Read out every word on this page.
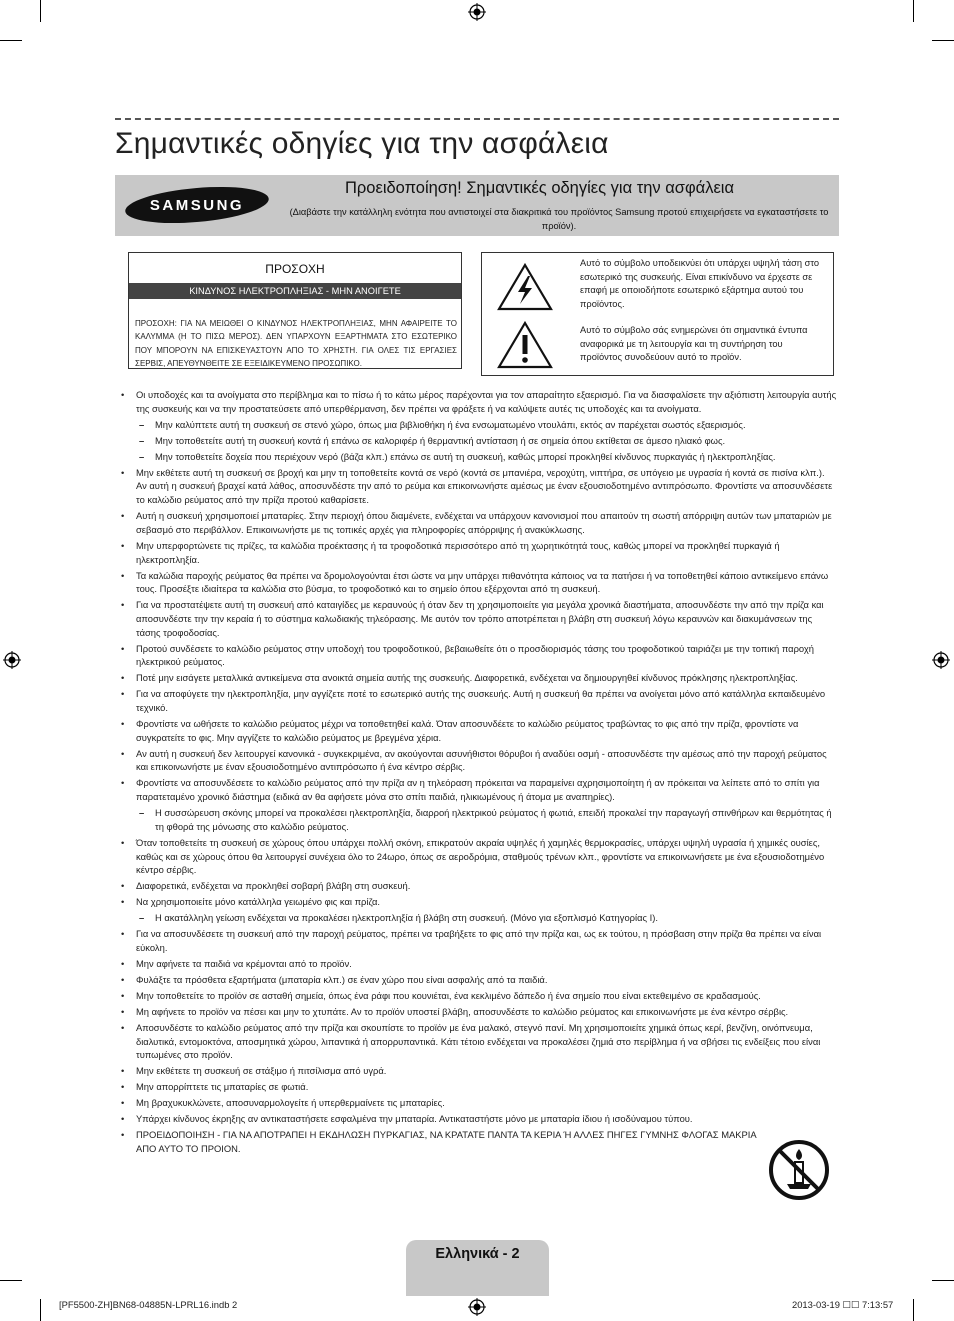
Σημαντικές οδηγίες για την ασφάλεια
SAMSUNG
Προειδοποίηση! Σημαντικές οδηγίες για την ασφάλεια
(Διαβάστε την κατάλληλη ενότητα που αντιστοιχεί στα διακριτικά του προϊόντος Samsung προτού επιχειρήσετε να εγκαταστήσετε το προϊόν).
ΠΡΟΣΟΧΗ
ΚΙΝΔΥΝΟΣ ΗΛΕΚΤΡΟΠΛΗΞΙΑΣ - ΜΗΝ ΑΝΟΙΓΕΤΕ
ΠΡΟΣΟΧΗ: ΓΙΑ ΝΑ ΜΕΙΩΘΕΙ Ο ΚΙΝΔΥΝΟΣ ΗΛΕΚΤΡΟΠΛΗΞΙΑΣ, ΜΗΝ ΑΦΑΙΡΕΙΤΕ ΤΟ ΚΑΛΥΜΜΑ (Η ΤΟ ΠΙΣΩ ΜΕΡΟΣ). ΔΕΝ ΥΠΑΡΧΟΥΝ ΕΞΑΡΤΗΜΑΤΑ ΣΤΟ ΕΣΩΤΕΡΙΚΟ ΠΟΥ ΜΠΟΡΟΥΝ ΝΑ ΕΠΙΣΚΕΥΑΣΤΟΥΝ ΑΠΟ ΤΟ ΧΡΗΣΤΗ. ΓΙΑ ΟΛΕΣ ΤΙΣ ΕΡΓΑΣΙΕΣ ΣΕΡΒΙΣ, ΑΠΕΥΘΥΝΘΕΙΤΕ ΣΕ ΕΞΕΙΔΙΚΕΥΜΕΝΟ ΠΡΟΣΩΠΙΚΟ.
Αυτό το σύμβολο υποδεικνύει ότι υπάρχει υψηλή τάση στο εσωτερικό της συσκευής. Είναι επικίνδυνο να έρχεστε σε επαφή με οποιοδήποτε εσωτερικό εξάρτημα αυτού του προϊόντος.
Αυτό το σύμβολο σάς ενημερώνει ότι σημαντικά έντυπα αναφορικά με τη λειτουργία και τη συντήρηση του προϊόντος συνοδεύουν αυτό το προϊόν.
• Οι υποδοχές και τα ανοίγματα στο περίβλημα και το πίσω ή το κάτω μέρος παρέχονται για τον απαραίτητο εξαερισμό. Για να διασφαλίσετε την αξιόπιστη λειτουργία αυτής της συσκευής και να την προστατεύσετε από υπερθέρμανση, δεν πρέπει να φράξετε ή να καλύψετε αυτές τις υποδοχές και τα ανοίγματα.
– Μην καλύπτετε αυτή τη συσκευή σε στενό χώρο, όπως μια βιβλιοθήκη ή ένα ενσωματωμένο ντουλάπι, εκτός αν παρέχεται σωστός εξαερισμός.
– Μην τοποθετείτε αυτή τη συσκευή κοντά ή επάνω σε καλοριφέρ ή θερμαντική αντίσταση ή σε σημεία όπου εκτίθεται σε άμεσο ηλιακό φως.
– Μην τοποθετείτε δοχεία που περιέχουν νερό (βάζα κλπ.) επάνω σε αυτή τη συσκευή, καθώς μπορεί προκληθεί κίνδυνος πυρκαγιάς ή ηλεκτροπληξίας.
• Μην εκθέτετε αυτή τη συσκευή σε βροχή και μην τη τοποθετείτε κοντά σε νερό (κοντά σε μπανιέρα, νεροχύτη, νιπτήρα, σε υπόγειο με υγρασία ή κοντά σε πισίνα κλπ.). Αν αυτή η συσκευή βραχεί κατά λάθος, αποσυνδέστε την από το ρεύμα και επικοινωνήστε αμέσως με έναν εξουσιοδοτημένο αντιπρόσωπο. Φροντίστε να αποσυνδέσετε το καλώδιο ρεύματος από την πρίζα προτού καθαρίσετε.
• Αυτή η συσκευή χρησιμοποιεί μπαταρίες. Στην περιοχή όπου διαμένετε, ενδέχεται να υπάρχουν κανονισμοί που απαιτούν τη σωστή απόρριψη αυτών των μπαταριών με σεβασμό στο περιβάλλον. Επικοινωνήστε με τις τοπικές αρχές για πληροφορίες απόρριψης ή ανακύκλωσης.
• Μην υπερφορτώνετε τις πρίζες, τα καλώδια προέκτασης ή τα τροφοδοτικά περισσότερο από τη χωρητικότητά τους, καθώς μπορεί να προκληθεί πυρκαγιά ή ηλεκτροπληξία.
• Τα καλώδια παροχής ρεύματος θα πρέπει να δρομολογούνται έτσι ώστε να μην υπάρχει πιθανότητα κάποιος να τα πατήσει ή να τοποθετηθεί κάποιο αντικείμενο επάνω τους. Προσέξτε ιδιαίτερα τα καλώδια στο βύσμα, το τροφοδοτικό και το σημείο όπου εξέρχονται από τη συσκευή.
• Για να προστατέψετε αυτή τη συσκευή από καταιγίδες με κεραυνούς ή όταν δεν τη χρησιμοποιείτε για μεγάλα χρονικά διαστήματα, αποσυνδέστε την από την πρίζα και αποσυνδέστε την την κεραία ή το σύστημα καλωδιακής τηλεόρασης. Με αυτόν τον τρόπο αποτρέπεται η βλάβη στη συσκευή λόγω κεραυνών και διακυμάνσεων της τάσης τροφοδοσίας.
• Προτού συνδέσετε το καλώδιο ρεύματος στην υποδοχή του τροφοδοτικού, βεβαιωθείτε ότι ο προσδιορισμός τάσης του τροφοδοτικού ταιριάζει με την τοπική παροχή ηλεκτρικού ρεύματος.
• Ποτέ μην εισάγετε μεταλλικά αντικείμενα στα ανοικτά σημεία αυτής της συσκευής. Διαφορετικά, ενδέχεται να δημιουργηθεί κίνδυνος πρόκλησης ηλεκτροπληξίας.
• Για να αποφύγετε την ηλεκτροπληξία, μην αγγίζετε ποτέ το εσωτερικό αυτής της συσκευής. Αυτή η συσκευή θα πρέπει να ανοίγεται μόνο από κατάλληλα εκπαιδευμένο τεχνικό.
• Φροντίστε να ωθήσετε το καλώδιο ρεύματος μέχρι να τοποθετηθεί καλά. Όταν αποσυνδέετε το καλώδιο ρεύματος τραβώντας το φις από την πρίζα, φροντίστε να συγκρατείτε το φις. Μην αγγίζετε το καλώδιο ρεύματος με βρεγμένα χέρια.
• Αν αυτή η συσκευή δεν λειτουργεί κανονικά - συγκεκριμένα, αν ακούγονται ασυνήθιστοι θόρυβοι ή αναδύει οσμή - αποσυνδέστε την αμέσως από την παροχή ρεύματος και επικοινωνήστε με έναν εξουσιοδοτημένο αντιπρόσωπο ή ένα κέντρο σέρβις.
• Φροντίστε να αποσυνδέσετε το καλώδιο ρεύματος από την πρίζα αν η τηλεόραση πρόκειται να παραμείνει αχρησιμοποίητη ή αν πρόκειται να λείπετε από το σπίτι για παρατεταμένο χρονικό διάστημα (ειδικά αν θα αφήσετε μόνα στο σπίτι παιδιά, ηλικιωμένους ή άτομα με αναπηρίες).
– Η συσσώρευση σκόνης μπορεί να προκαλέσει ηλεκτροπληξία, διαρροή ηλεκτρικού ρεύματος ή φωτιά, επειδή προκαλεί την παραγωγή σπινθήρων και θερμότητας ή τη φθορά της μόνωσης στο καλώδιο ρεύματος.
• Όταν τοποθετείτε τη συσκευή σε χώρους όπου υπάρχει πολλή σκόνη, επικρατούν ακραία υψηλές ή χαμηλές θερμοκρασίες, υπάρχει υψηλή υγρασία ή χημικές ουσίες, καθώς και σε χώρους όπου θα λειτουργεί συνέχεια όλο το 24ωρο, όπως σε αεροδρόμια, σταθμούς τρένων κλπ., φροντίστε να επικοινωνήσετε με ένα εξουσιοδοτημένο κέντρο σέρβις.
• Διαφορετικά, ενδέχεται να προκληθεί σοβαρή βλάβη στη συσκευή.
• Να χρησιμοποιείτε μόνο κατάλληλα γειωμένο φις και πρίζα.
– Η ακατάλληλη γείωση ενδέχεται να προκαλέσει ηλεκτροπληξία ή βλάβη στη συσκευή. (Μόνο για εξοπλισμό Κατηγορίας I).
• Για να αποσυνδέσετε τη συσκευή από την παροχή ρεύματος, πρέπει να τραβήξετε το φις από την πρίζα και, ως εκ τούτου, η πρόσβαση στην πρίζα θα πρέπει να είναι εύκολη.
• Μην αφήνετε τα παιδιά να κρέμονται από το προϊόν.
• Φυλάξτε τα πρόσθετα εξαρτήματα (μπαταρία κλπ.) σε έναν χώρο που είναι ασφαλής από τα παιδιά.
• Μην τοποθετείτε το προϊόν σε ασταθή σημεία, όπως ένα ράφι που κουνιέται, ένα κεκλιμένο δάπεδο ή ένα σημείο που είναι εκτεθειμένο σε κραδασμούς.
• Μη αφήνετε το προϊόν να πέσει και μην το χτυπάτε. Αν το προϊόν υποστεί βλάβη, αποσυνδέστε το καλώδιο ρεύματος και επικοινωνήστε με ένα κέντρο σέρβις.
• Αποσυνδέστε το καλώδιο ρεύματος από την πρίζα και σκουπίστε το προϊόν με ένα μαλακό, στεγνό πανί. Μη χρησιμοποιείτε χημικά όπως κερί, βενζίνη, οινόπνευμα, διαλυτικά, εντομοκτόνα, αποσμητικά χώρου, λιπαντικά ή απορρυπαντικά. Κάτι τέτοιο ενδέχεται να προκαλέσει ζημιά στο περίβλημα ή να σβήσει τις ενδείξεις που είναι τυπωμένες στο προϊόν.
• Μην εκθέτετε τη συσκευή σε στάξιμο ή πιτσίλισμα από υγρά.
• Μην απορρίπτετε τις μπαταρίες σε φωτιά.
• Μη βραχυκυκλώνετε, αποσυναρμολογείτε ή υπερθερμαίνετε τις μπαταρίες.
• Υπάρχει κίνδυνος έκρηξης αν αντικαταστήσετε εσφαλμένα την μπαταρία. Αντικαταστήστε μόνο με μπαταρία ίδιου ή ισοδύναμου τύπου.
• ΠΡΟΕΙΔΟΠΟΙΗΣΗ - ΓΙΑ ΝΑ ΑΠΟΤΡΑΠΕΙ Η ΕΚΔΗΛΩΣΗ ΠΥΡΚΑΓΙΑΣ, ΝΑ ΚΡΑΤΑΤΕ ΠΑΝΤΑ ΤΑ ΚΕΡΙΑ Ή ΑΛΛΕΣ ΠΗΓΕΣ ΓΥΜΝΗΣ ΦΛΟΓΑΣ ΜΑΚΡΙΑ ΑΠΟ ΑΥΤΟ ΤΟ ΠΡΟΙΟΝ.
Ελληνικά - 2
[PF5500-ZH]BN68-04885N-LPRL16.indb 2	2013-03-19 ☐☐ 7:13:57
